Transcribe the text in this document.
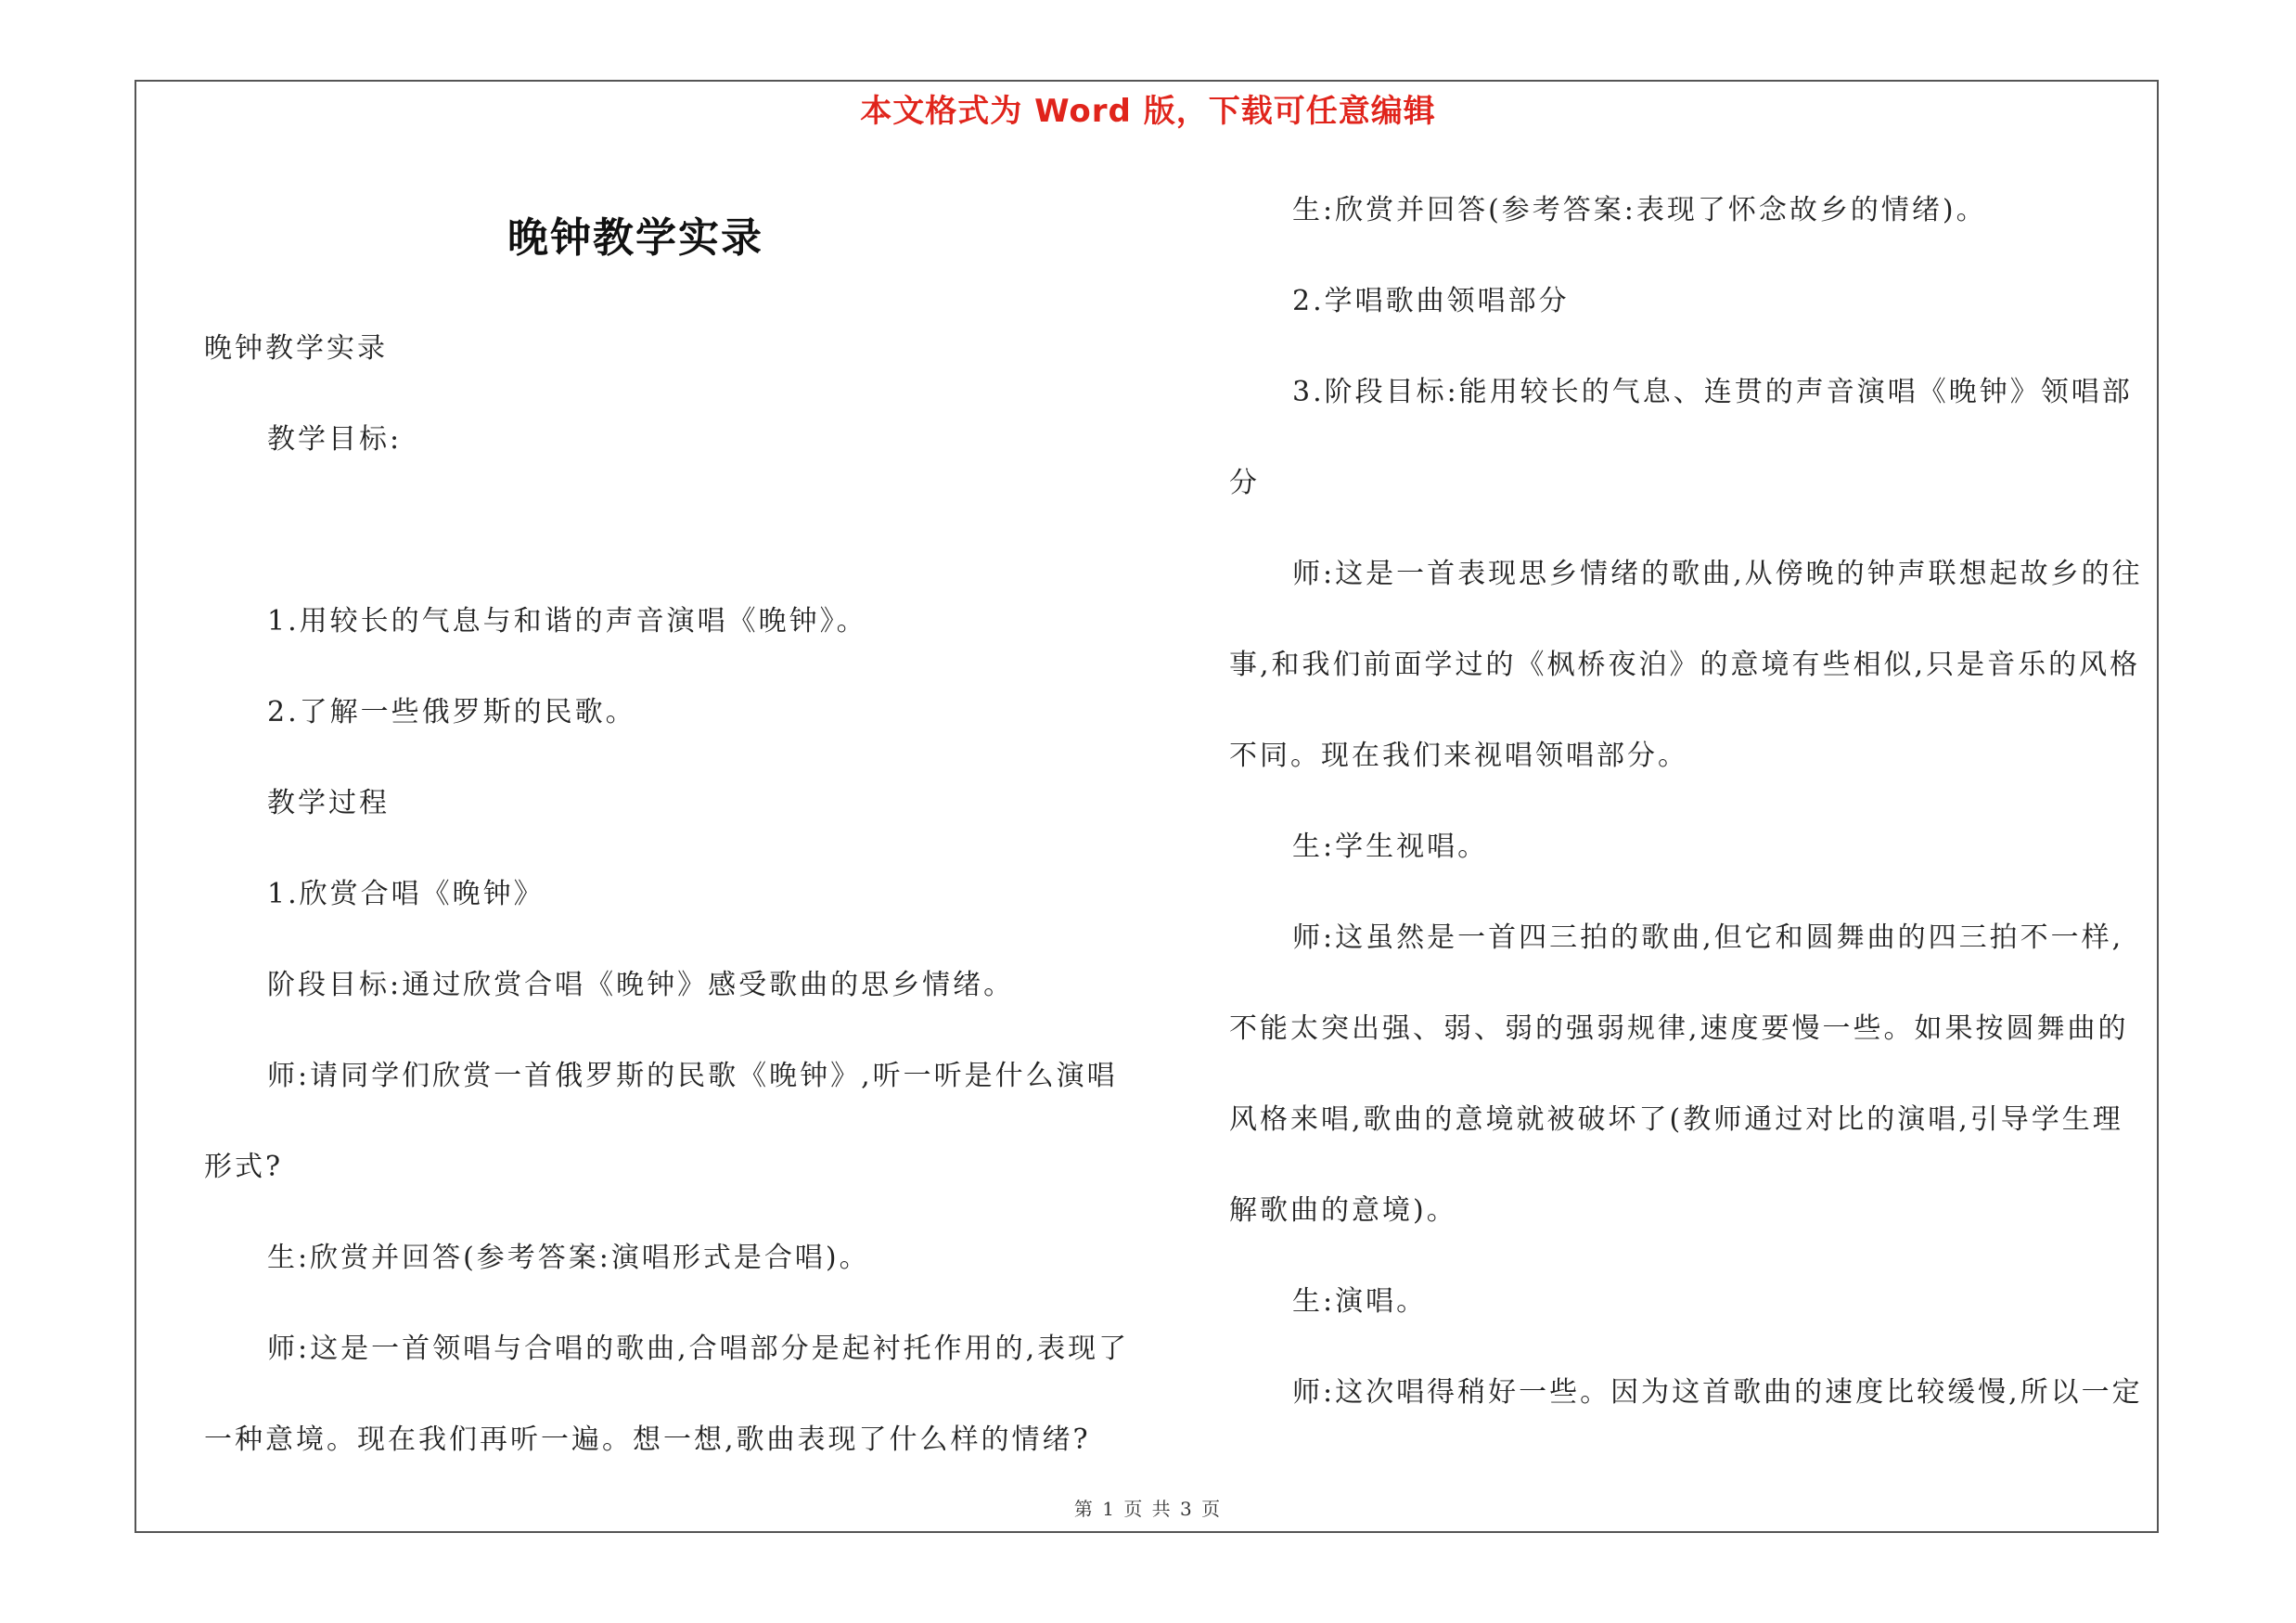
本文格式为 Word 版，下载可任意编辑
晚钟教学实录

晚钟教学实录

教学目标:

1.用较长的气息与和谐的声音演唱《晚钟》。

2.了解一些俄罗斯的民歌。

教学过程

1.欣赏合唱《晚钟》

阶段目标:通过欣赏合唱《晚钟》感受歌曲的思乡情绪。

师:请同学们欣赏一首俄罗斯的民歌《晚钟》,听一听是什么演唱形式?

生:欣赏并回答(参考答案:演唱形式是合唱)。

师:这是一首领唱与合唱的歌曲,合唱部分是起衬托作用的,表现了一种意境。现在我们再听一遍。想一想,歌曲表现了什么样的情绪?

生:欣赏并回答(参考答案:表现了怀念故乡的情绪)。

2.学唱歌曲领唱部分

3.阶段目标:能用较长的气息、连贯的声音演唱《晚钟》领唱部分

师:这是一首表现思乡情绪的歌曲,从傍晚的钟声联想起故乡的往事,和我们前面学过的《枫桥夜泊》的意境有些相似,只是音乐的风格不同。现在我们来视唱领唱部分。

生:学生视唱。

师:这虽然是一首四三拍的歌曲,但它和圆舞曲的四三拍不一样,不能太突出强、弱、弱的强弱规律,速度要慢一些。如果按圆舞曲的风格来唱,歌曲的意境就被破坏了(教师通过对比的演唱,引导学生理解歌曲的意境)。

生:演唱。

师:这次唱得稍好一些。因为这首歌曲的速度比较缓慢,所以一定

第 1 页 共 3 页
